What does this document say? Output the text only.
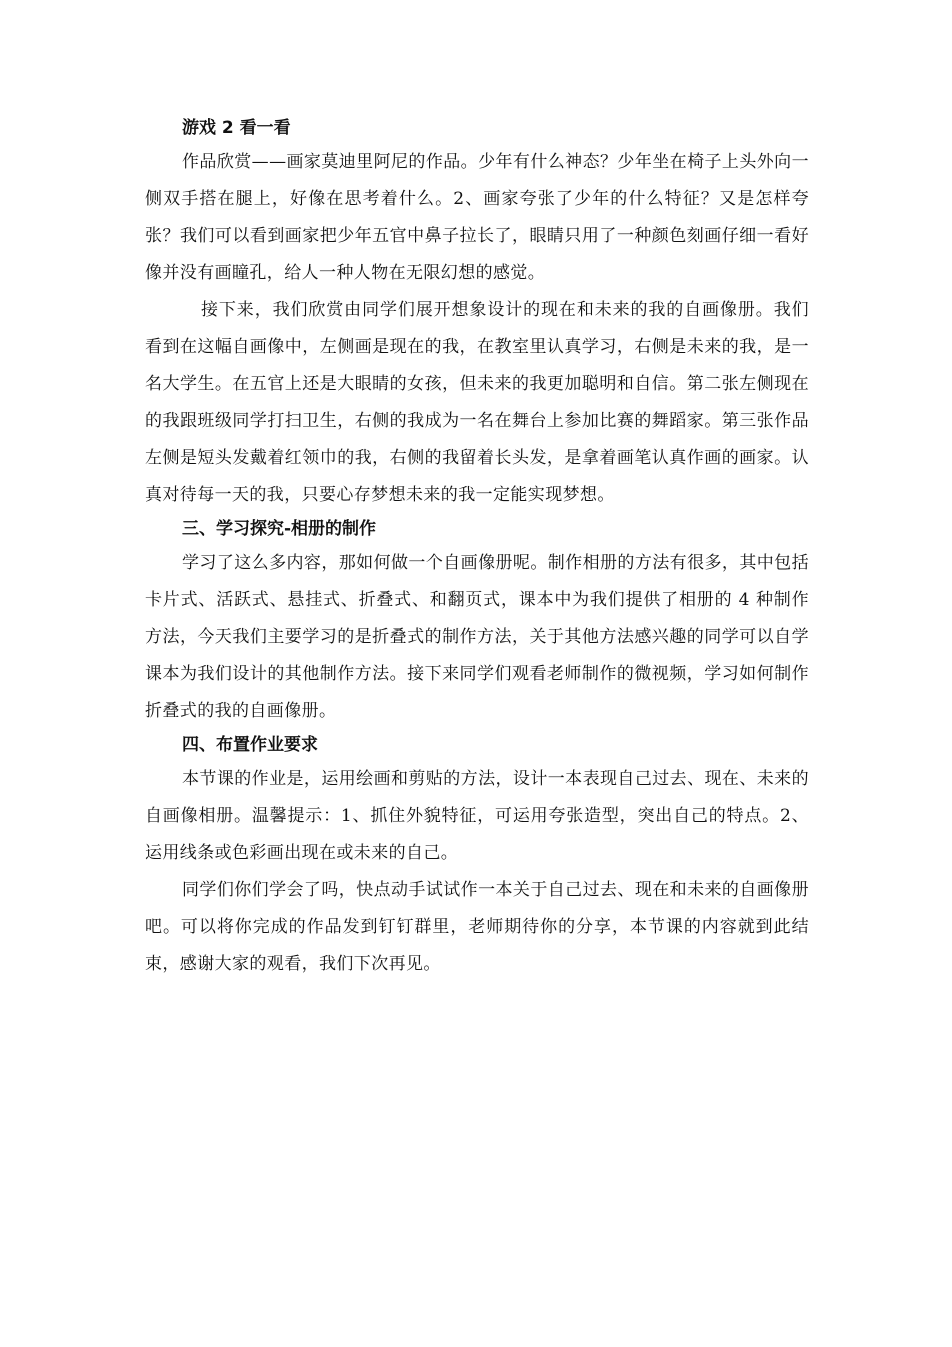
游戏 2 看一看

作品欣赏——画家莫迪里阿尼的作品。少年有什么神态？少年坐在椅子上头外向一侧双手搭在腿上，好像在思考着什么。2、画家夸张了少年的什么特征？又是怎样夸张？我们可以看到画家把少年五官中鼻子拉长了，眼睛只用了一种颜色刻画仔细一看好像并没有画瞳孔，给人一种人物在无限幻想的感觉。

接下来，我们欣赏由同学们展开想象设计的现在和未来的我的自画像册。我们看到在这幅自画像中，左侧画是现在的我，在教室里认真学习，右侧是未来的我，是一名大学生。在五官上还是大眼睛的女孩，但未来的我更加聪明和自信。第二张左侧现在的我跟班级同学打扫卫生，右侧的我成为一名在舞台上参加比赛的舞蹈家。第三张作品左侧是短头发戴着红领巾的我，右侧的我留着长头发，是拿着画笔认真作画的画家。认真对待每一天的我，只要心存梦想未来的我一定能实现梦想。

三、学习探究-相册的制作

学习了这么多内容，那如何做一个自画像册呢。制作相册的方法有很多，其中包括卡片式、活跃式、悬挂式、折叠式、和翻页式，课本中为我们提供了相册的 4 种制作方法，今天我们主要学习的是折叠式的制作方法，关于其他方法感兴趣的同学可以自学课本为我们设计的其他制作方法。接下来同学们观看老师制作的微视频，学习如何制作折叠式的我的自画像册。

四、布置作业要求

本节课的作业是，运用绘画和剪贴的方法，设计一本表现自己过去、现在、未来的自画像相册。温馨提示：1、抓住外貌特征，可运用夸张造型，突出自己的特点。2、运用线条或色彩画出现在或未来的自己。

同学们你们学会了吗，快点动手试试作一本关于自己过去、现在和未来的自画像册吧。可以将你完成的作品发到钉钉群里，老师期待你的分享，本节课的内容就到此结束，感谢大家的观看，我们下次再见。
